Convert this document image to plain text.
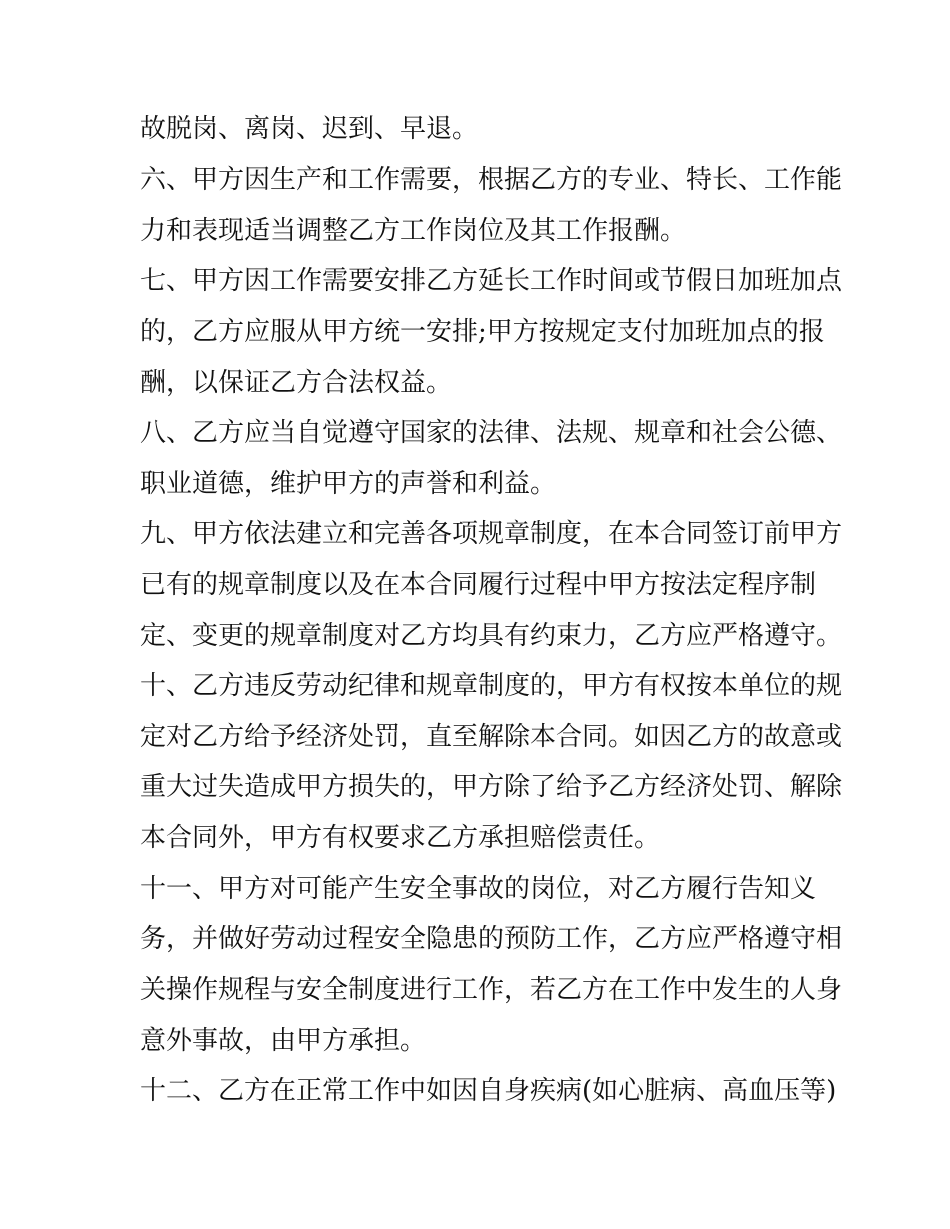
故脱岗、离岗、迟到、早退。
六、甲方因生产和工作需要，根据乙方的专业、特长、工作能
力和表现适当调整乙方工作岗位及其工作报酬。
七、甲方因工作需要安排乙方延长工作时间或节假日加班加点
的，乙方应服从甲方统一安排;甲方按规定支付加班加点的报
酬，以保证乙方合法权益。
八、乙方应当自觉遵守国家的法律、法规、规章和社会公德、
职业道德，维护甲方的声誉和利益。
九、甲方依法建立和完善各项规章制度，在本合同签订前甲方
已有的规章制度以及在本合同履行过程中甲方按法定程序制
定、变更的规章制度对乙方均具有约束力，乙方应严格遵守。
十、乙方违反劳动纪律和规章制度的，甲方有权按本单位的规
定对乙方给予经济处罚，直至解除本合同。如因乙方的故意或
重大过失造成甲方损失的，甲方除了给予乙方经济处罚、解除
本合同外，甲方有权要求乙方承担赔偿责任。
十一、甲方对可能产生安全事故的岗位，对乙方履行告知义
务，并做好劳动过程安全隐患的预防工作，乙方应严格遵守相
关操作规程与安全制度进行工作，若乙方在工作中发生的人身
意外事故，由甲方承担。
十二、乙方在正常工作中如因自身疾病(如心脏病、高血压等)
